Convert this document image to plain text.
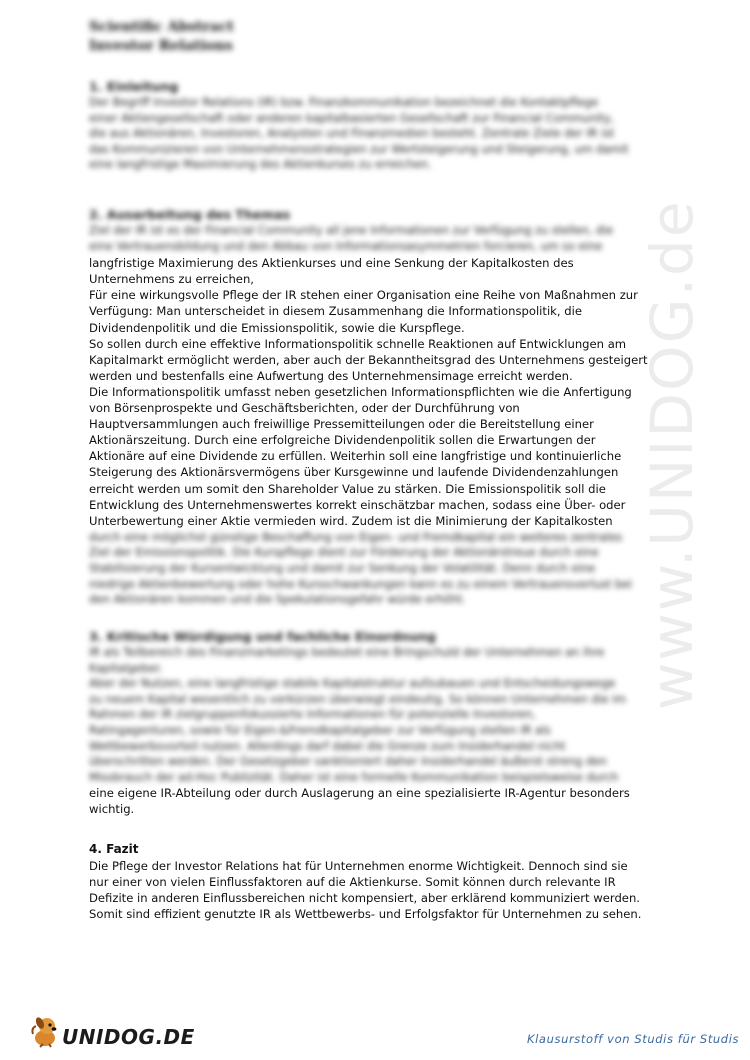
www.UNIDOG.de
Scientific Abstract
Investor Relations

1. Einleitung

Der Begriff Investor Relations (IR) bzw. Finanzkommunikation bezeichnet die Kontaktpflege
einer Aktiengesellschaft oder anderen kapitalbasierten Gesellschaft zur Financial Community,
die aus Aktionären, Investoren, Analysten und Finanzmedien besteht. Zentrale Ziele der IR ist
das Kommunizieren von Unternehmensstrategien zur Wertsteigerung und Steigerung, um damit
eine langfristige Maximierung des Aktienkurses zu erreichen.

2. Ausarbeitung des Themas

Ziel der IR ist es der Financial Community all jene Informationen zur Verfügung zu stellen, die
eine Vertrauensbildung und den Abbau von Informationsasymmetrien forcieren, um so eine

langfristige Maximierung des Aktienkurses und eine Senkung der Kapitalkosten des
Unternehmens zu erreichen,
Für eine wirkungsvolle Pflege der IR stehen einer Organisation eine Reihe von Maßnahmen zur
Verfügung: Man unterscheidet in diesem Zusammenhang die Informationspolitik, die
Dividendenpolitik und die Emissionspolitik, sowie die Kurspflege.
So sollen durch eine effektive Informationspolitik schnelle Reaktionen auf Entwicklungen am
Kapitalmarkt ermöglicht werden, aber auch der Bekanntheitsgrad des Unternehmens gesteigert
werden und bestenfalls eine Aufwertung des Unternehmensimage erreicht werden.
Die Informationspolitik umfasst neben gesetzlichen Informationspflichten wie die Anfertigung
von Börsenprospekte und Geschäftsberichten, oder der Durchführung von
Hauptversammlungen auch freiwillige Pressemitteilungen oder die Bereitstellung einer
Aktionärszeitung. Durch eine erfolgreiche Dividendenpolitik sollen die Erwartungen der
Aktionäre auf eine Dividende zu erfüllen. Weiterhin soll eine langfristige und kontinuierliche
Steigerung des Aktionärsvermögens über Kursgewinne und laufende Dividendenzahlungen
erreicht werden um somit den Shareholder Value zu stärken. Die Emissionspolitik soll die
Entwicklung des Unternehmenswertes korrekt einschätzbar machen, sodass eine Über- oder
Unterbewertung einer Aktie vermieden wird. Zudem ist die Minimierung der Kapitalkosten

durch eine möglichst günstige Beschaffung von Eigen- und Fremdkapital ein weiteres zentrales
Ziel der Emissionspolitik. Die Kurspflege dient zur Förderung der Aktionärstreue durch eine
Stabilisierung der Kursentwicklung und damit zur Senkung der Volatilität. Denn durch eine
niedrige Aktienbewertung oder hohe Kursschwankungen kann es zu einem Vertrauensverlust bei
den Aktionären kommen und die Spekulationsgefahr würde erhöht.

3. Kritische Würdigung und fachliche Einordnung

IR als Teilbereich des Finanzmarketings bedeutet eine Bringschuld der Unternehmen an ihre
Kapitalgeber.
Aber der Nutzen, eine langfristige stabile Kapitalstruktur aufzubauen und Entscheidungswege
zu neuem Kapital wesentlich zu verkürzen überwiegt eindeutig. So können Unternehmen die im
Rahmen der IR zielgruppenfokussierte Informationen für potenzielle Investoren,
Ratingagenturen, sowie für Eigen-&Fremdkapitalgeber zur Verfügung stellen IR als
Wettbewerbsvorteil nutzen. Allerdings darf dabei die Grenze zum Insiderhandel nicht
überschritten werden. Der Gesetzgeber sanktioniert daher Insiderhandel äußerst streng den
Missbrauch der ad-Hoc Publizität. Daher ist eine formelle Kommunikation beispielsweise durch

eine eigene IR-Abteilung oder durch Auslagerung an eine spezialisierte IR-Agentur besonders
wichtig.

4. Fazit

Die Pflege der Investor Relations hat für Unternehmen enorme Wichtigkeit. Dennoch sind sie
nur einer von vielen Einflussfaktoren auf die Aktienkurse. Somit können durch relevante IR
Defizite in anderen Einflussbereichen nicht kompensiert, aber erklärend kommuniziert werden.
Somit sind effizient genutzte IR als Wettbewerbs- und Erfolgsfaktor für Unternehmen zu sehen.

UNIDOG.DE	Klausurstoff von Studis für Studis
